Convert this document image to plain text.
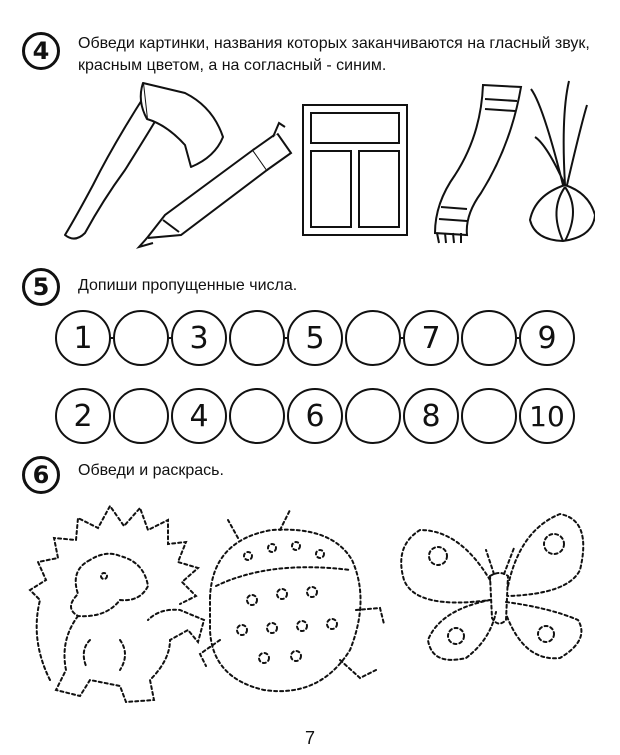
4	Обведи картинки, названия которых заканчиваются на гласный звук, красным цветом, а на согласный - синим.
5	Допиши пропущенные числа.
1	3	5	7	9
2	4	6	8	10
6	Обведи и раскрась.
7
